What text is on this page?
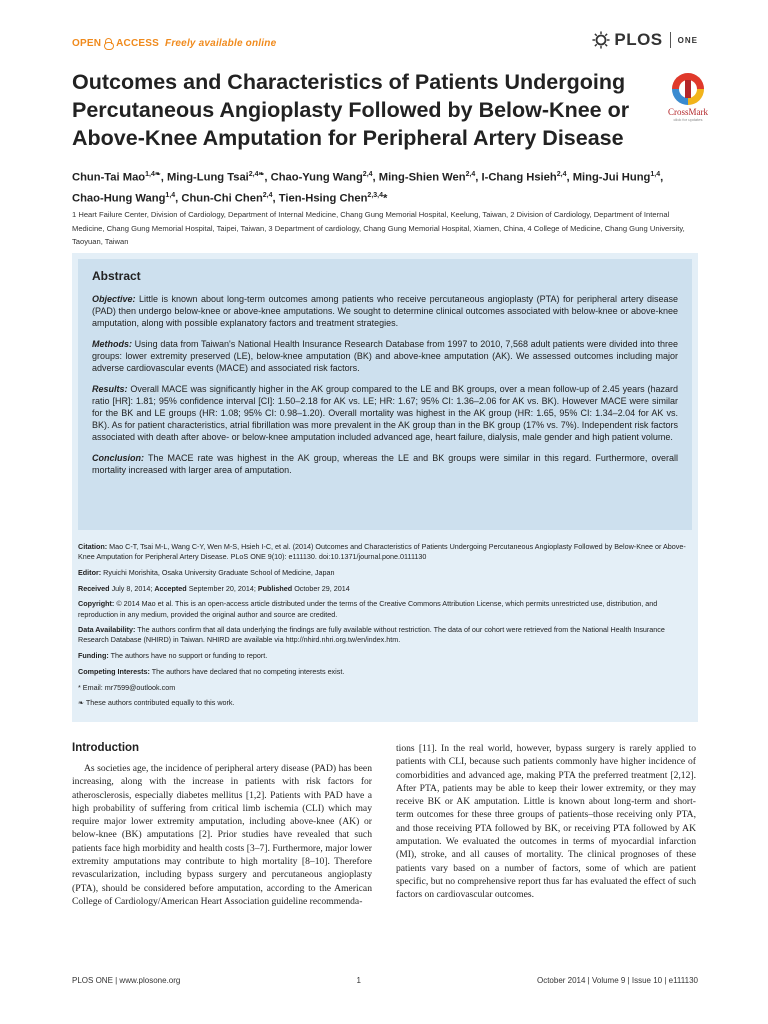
OPEN ACCESS Freely available online	PLOS ONE
CrossMark
click for updates
Outcomes and Characteristics of Patients Undergoing Percutaneous Angioplasty Followed by Below-Knee or Above-Knee Amputation for Peripheral Artery Disease
Chun-Tai Mao$^{1,4❧}$, Ming-Lung Tsai$^{2,4❧}$, Chao-Yung Wang$^{2,4}$, Ming-Shien Wen$^{2,4}$, I-Chang Hsieh$^{2,4}$, Ming-Jui Hung$^{1,4}$, Chao-Hung Wang$^{1,4}$, Chun-Chi Chen$^{2,4}$, Tien-Hsing Chen$^{2,3,4}$*
1 Heart Failure Center, Division of Cardiology, Department of Internal Medicine, Chang Gung Memorial Hospital, Keelung, Taiwan, 2 Division of Cardiology, Department of Internal Medicine, Chang Gung Memorial Hospital, Taipei, Taiwan, 3 Department of cardiology, Chang Gung Memorial Hospital, Xiamen, China, 4 College of Medicine, Chang Gung University, Taoyuan, Taiwan
Abstract

Objective: Little is known about long-term outcomes among patients who receive percutaneous angioplasty (PTA) for peripheral artery disease (PAD) then undergo below-knee or above-knee amputations. We sought to determine clinical outcomes associated with below-knee or above-knee amputation, along with possible explanatory factors and treatment strategies.

Methods: Using data from Taiwan's National Health Insurance Research Database from 1997 to 2010, 7,568 adult patients were divided into three groups: lower extremity preserved (LE), below-knee amputation (BK) and above-knee amputation (AK). We assessed outcomes including major adverse cardiovascular events (MACE) and associated risk factors.

Results: Overall MACE was significantly higher in the AK group compared to the LE and BK groups, over a mean follow-up of 2.45 years (hazard ratio [HR]: 1.81; 95% confidence interval [CI]: 1.50–2.18 for AK vs. LE; HR: 1.67; 95% CI: 1.36–2.06 for AK vs. BK). However MACE were similar for the BK and LE groups (HR: 1.08; 95% CI: 0.98–1.20). Overall mortality was highest in the AK group (HR: 1.65, 95% CI: 1.34–2.04 for AK vs. BK). As for patient characteristics, atrial fibrillation was more prevalent in the AK group than in the BK group (17% vs. 7%). Independent risk factors associated with death after above- or below-knee amputation included advanced age, heart failure, dialysis, male gender and high patient volume.

Conclusion: The MACE rate was highest in the AK group, whereas the LE and BK groups were similar in this regard. Furthermore, overall mortality increased with larger area of amputation.

Citation: Mao C-T, Tsai M-L, Wang C-Y, Wen M-S, Hsieh I-C, et al. (2014) Outcomes and Characteristics of Patients Undergoing Percutaneous Angioplasty Followed by Below-Knee or Above-Knee Amputation for Peripheral Artery Disease. PLoS ONE 9(10): e111130. doi:10.1371/journal.pone.0111130

Editor: Ryuichi Morishita, Osaka University Graduate School of Medicine, Japan

Received July 8, 2014; Accepted September 20, 2014; Published October 29, 2014

Copyright: © 2014 Mao et al. This is an open-access article distributed under the terms of the Creative Commons Attribution License, which permits unrestricted use, distribution, and reproduction in any medium, provided the original author and source are credited.

Data Availability: The authors confirm that all data underlying the findings are fully available without restriction. The data of our cohort were retrieved from the National Health Insurance Research Database (NHIRD) in Taiwan. NHIRD are available via http://nhird.nhri.org.tw/en/index.htm.

Funding: The authors have no support or funding to report.

Competing Interests: The authors have declared that no competing interests exist.

* Email: mr7599@outlook.com

❧ These authors contributed equally to this work.

Introduction

As societies age, the incidence of peripheral artery disease (PAD) has been increasing, along with the increase in patients with risk factors for atherosclerosis, especially diabetes mellitus [1,2]. Patients with PAD have a high probability of suffering from critical limb ischemia (CLI) which may require major lower extremity amputation, including above-knee (AK) or below-knee (BK) amputations [2]. Prior studies have revealed that such patients face high morbidity and health costs [3–7]. Furthermore, major lower extremity amputations may contribute to high mortality [8–10]. Therefore revascularization, including bypass surgery and percutaneous angioplasty (PTA), should be considered before amputation, according to the American College of Cardiology/American Heart Association guideline recommenda-

tions [11]. In the real world, however, bypass surgery is rarely applied to patients with CLI, because such patients commonly have higher incidence of comorbidities and advanced age, making PTA the preferred treatment [2,12]. After PTA, patients may be able to keep their lower extremity, or they may receive BK or AK amputation. Little is known about long-term and short-term outcomes for these three groups of patients–those receiving only PTA, and those receiving PTA followed by BK, or receiving PTA followed by AK amputation. We evaluated the outcomes in terms of myocardial infarction (MI), stroke, and all causes of mortality. The clinical prognoses of these patients vary based on a number of factors, some of which are patient specific, but no comprehensive report thus far has evaluated the effect of such factors on cardiovascular outcomes.

PLOS ONE | www.plosone.org	1	October 2014 | Volume 9 | Issue 10 | e111130
